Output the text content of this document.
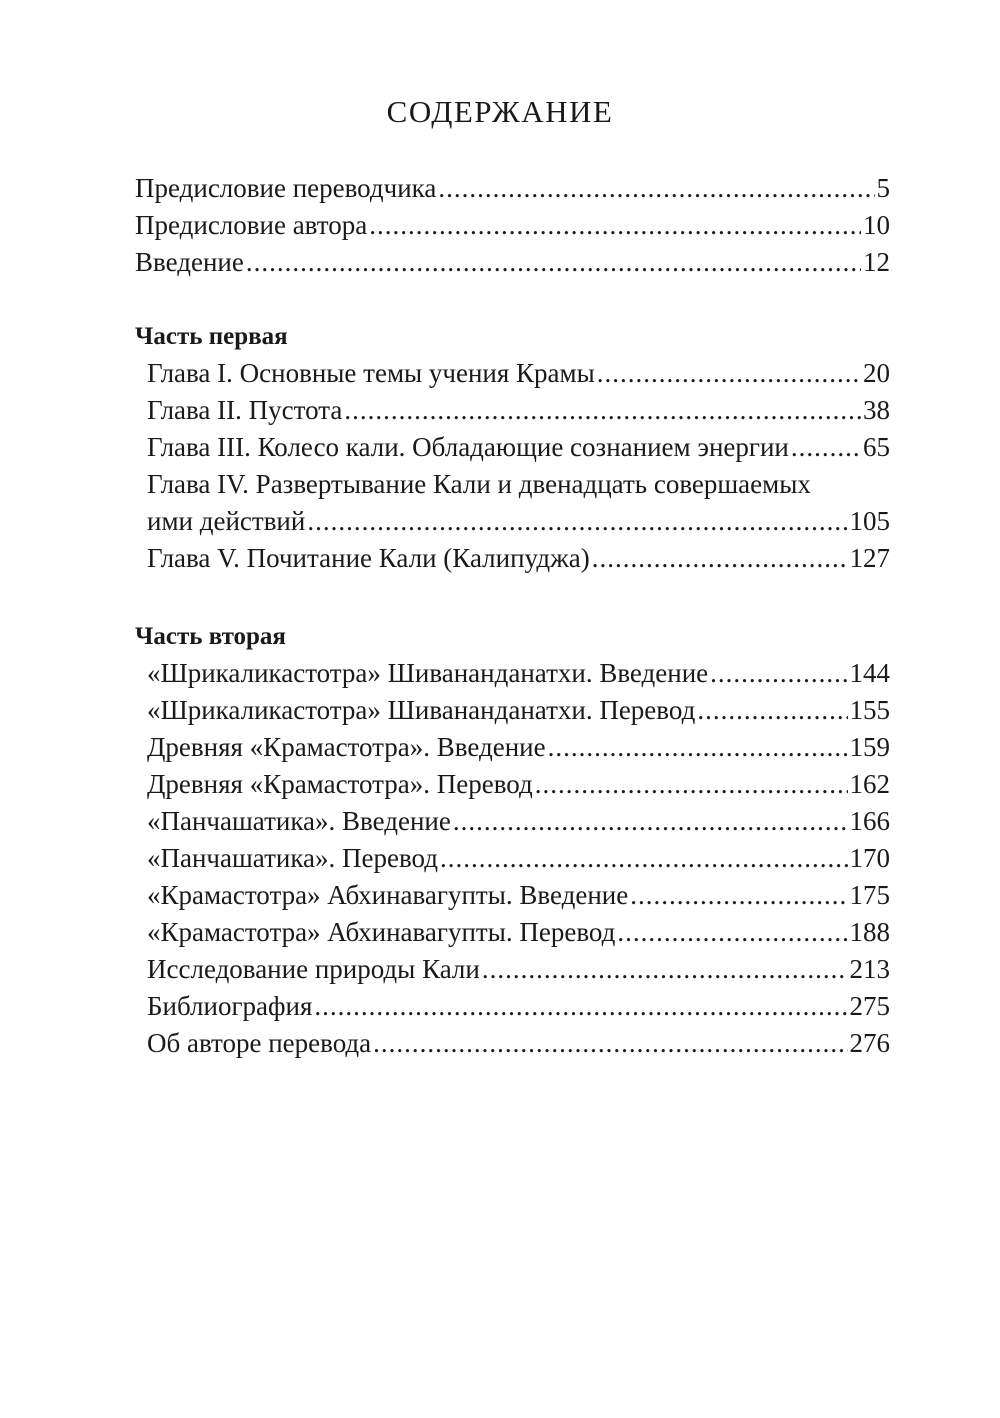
СОДЕРЖАНИЕ
Предисловие переводчика .....	5
Предисловие автора .....	10
Введение .....	12
Часть первая
Глава I. Основные темы учения Крамы .....	20
Глава II. Пустота .....	38
Глава III. Колесо кали. Обладающие сознанием энергии .....	65
Глава IV. Развертывание Кали и двенадцать совершаемых
ими действий .....	105
Глава V. Почитание Кали (Калипуджа) .....	127
Часть вторая
«Шрикаликастотра» Шивананданатхи. Введение .....	144
«Шрикаликастотра» Шивананданатхи. Перевод .....	155
Древняя «Крамастотра». Введение .....	159
Древняя «Крамастотра». Перевод .....	162
«Панчашатика». Введение .....	166
«Панчашатика». Перевод .....	170
«Крамастотра» Абхинавагупты. Введение .....	175
«Крамастотра» Абхинавагупты. Перевод .....	188
Исследование природы Кали .....	213
Библиография .....	275
Об авторе перевода .....	276
